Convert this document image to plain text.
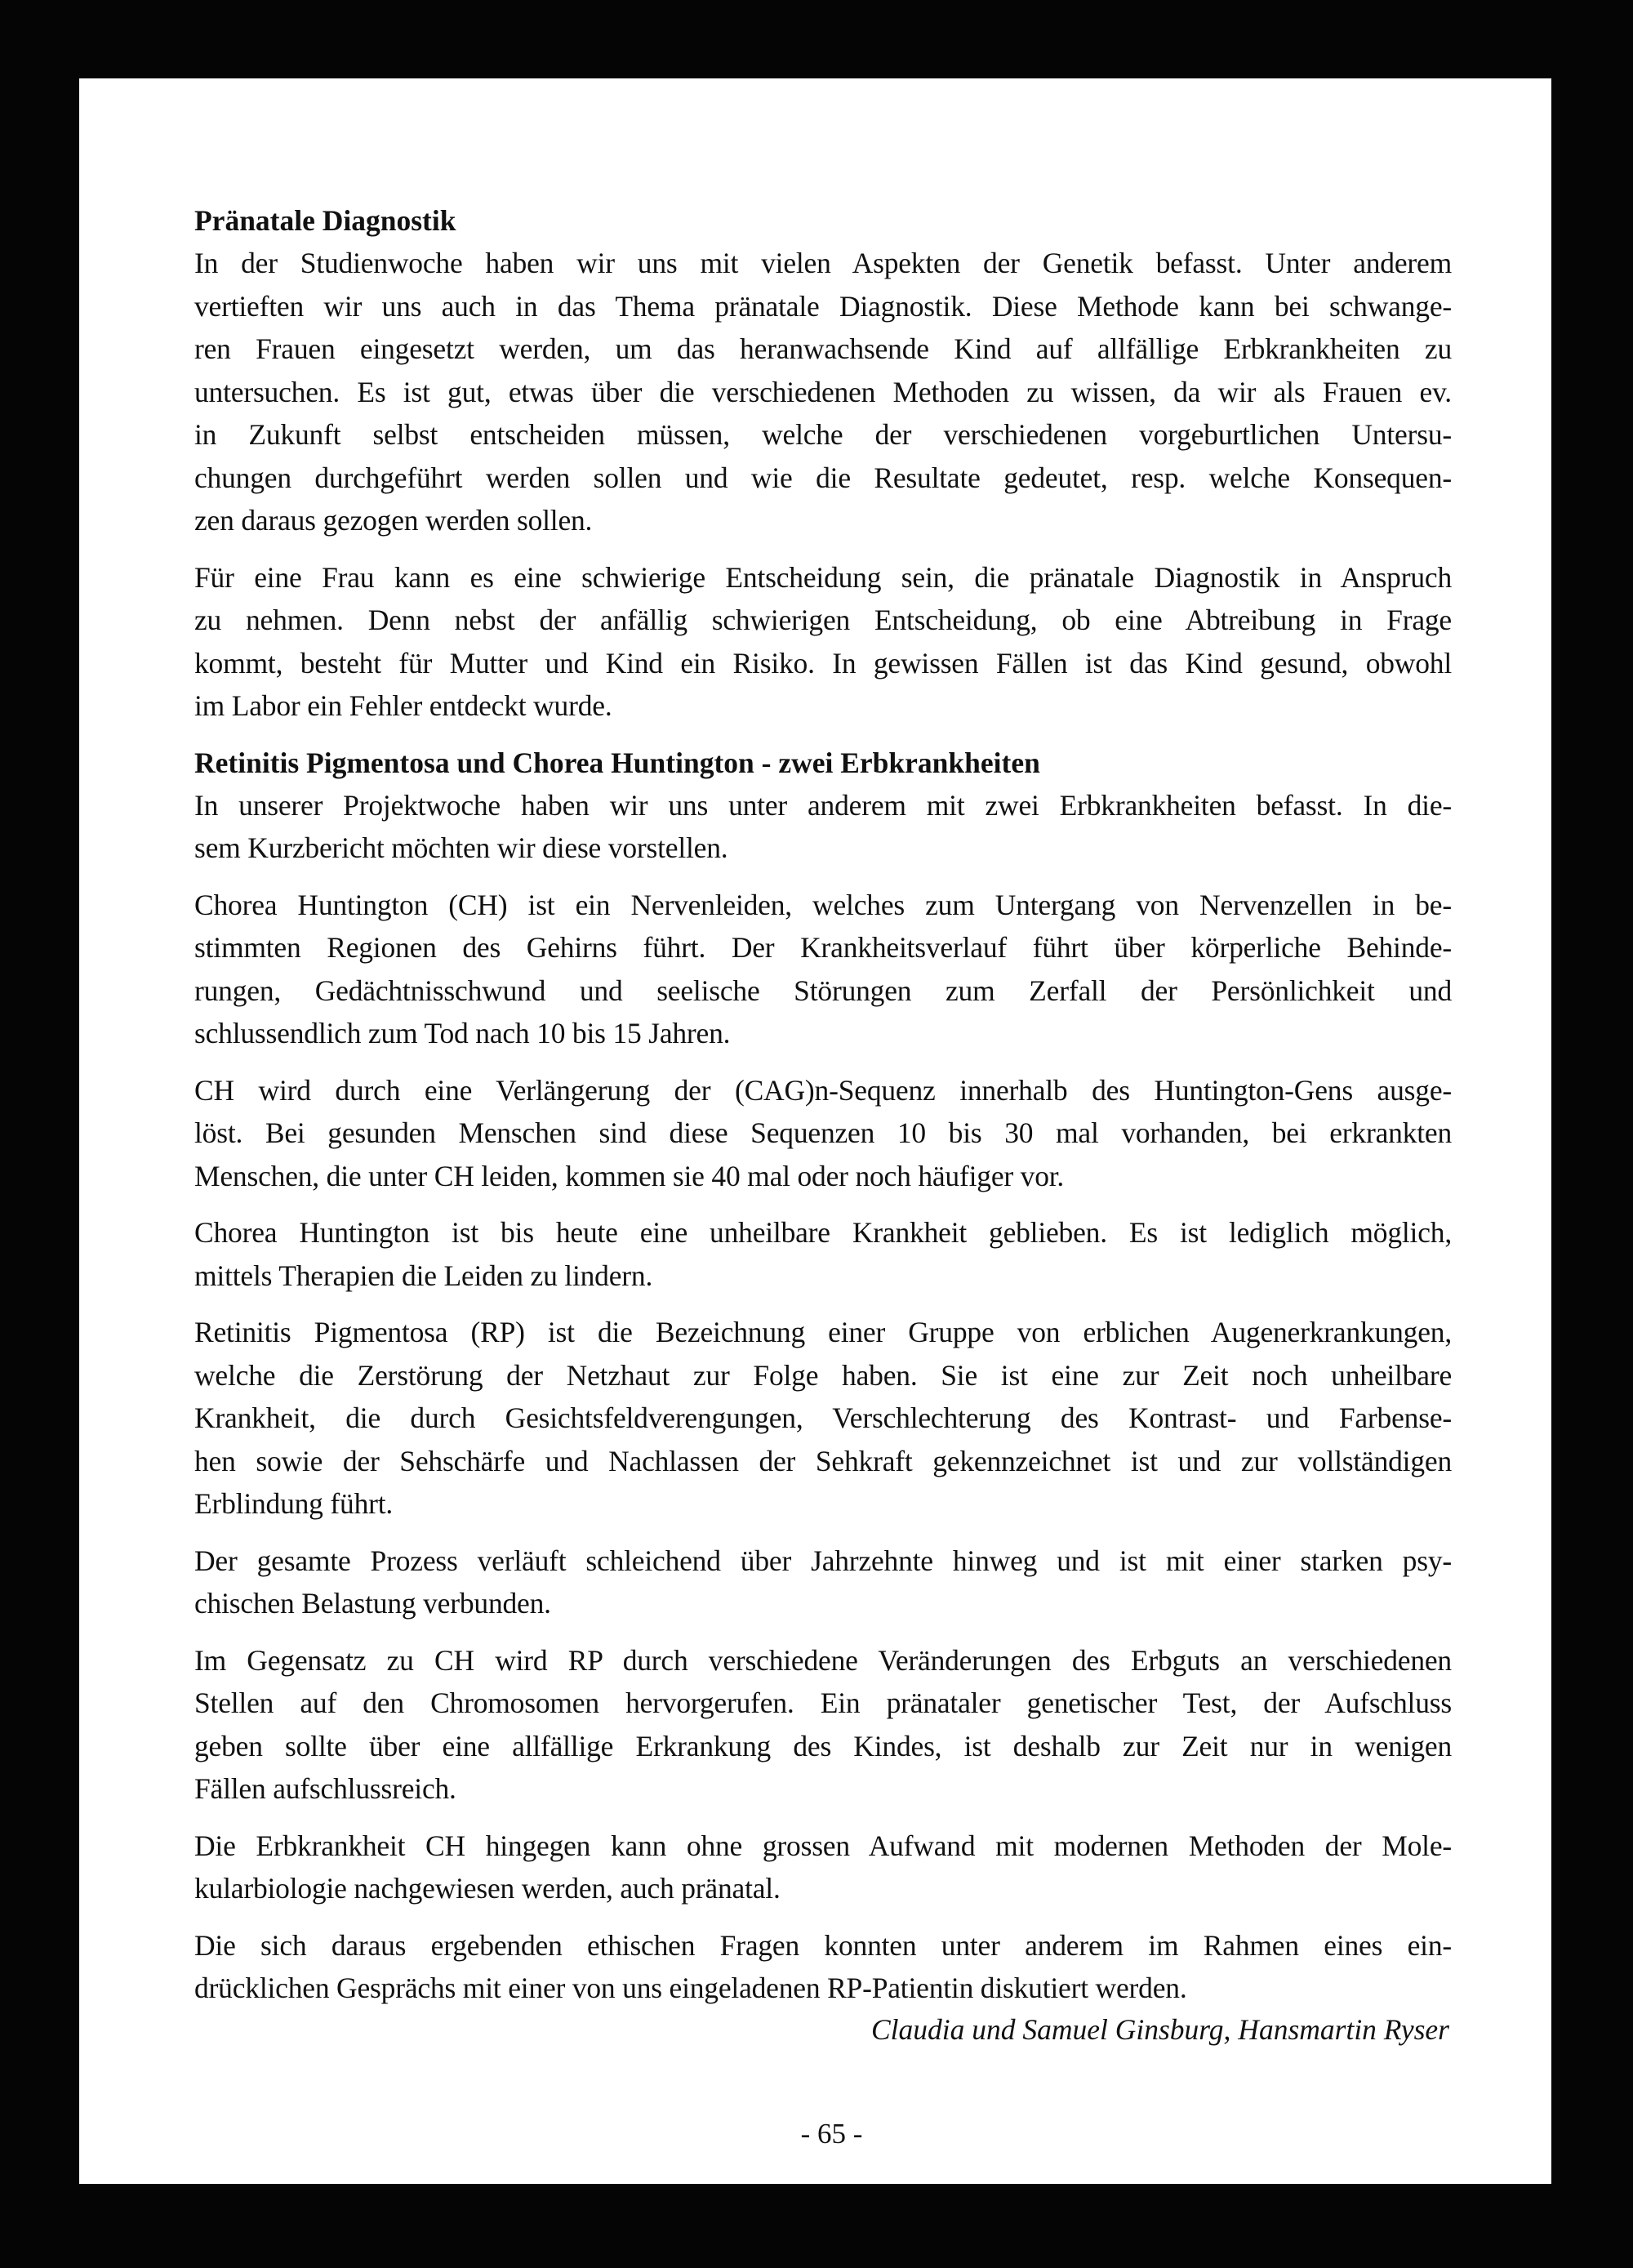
Pränatale Diagnostik
In der Studienwoche haben wir uns mit vielen Aspekten der Genetik befasst. Unter anderem
vertieften wir uns auch in das Thema pränatale Diagnostik. Diese Methode kann bei schwange-
ren Frauen eingesetzt werden, um das heranwachsende Kind auf allfällige Erbkrankheiten zu
untersuchen. Es ist gut, etwas über die verschiedenen Methoden zu wissen, da wir als Frauen ev.
in Zukunft selbst entscheiden müssen, welche der verschiedenen vorgeburtlichen Untersu-
chungen durchgeführt werden sollen und wie die Resultate gedeutet, resp. welche Konsequen-
zen daraus gezogen werden sollen.
Für eine Frau kann es eine schwierige Entscheidung sein, die pränatale Diagnostik in Anspruch
zu nehmen. Denn nebst der anfällig schwierigen Entscheidung, ob eine Abtreibung in Frage
kommt, besteht für Mutter und Kind ein Risiko. In gewissen Fällen ist das Kind gesund, obwohl
im Labor ein Fehler entdeckt wurde.
Retinitis Pigmentosa und Chorea Huntington - zwei Erbkrankheiten
In unserer Projektwoche haben wir uns unter anderem mit zwei Erbkrankheiten befasst. In die-
sem Kurzbericht möchten wir diese vorstellen.
Chorea Huntington (CH) ist ein Nervenleiden, welches zum Untergang von Nervenzellen in be-
stimmten Regionen des Gehirns führt. Der Krankheitsverlauf führt über körperliche Behinde-
rungen, Gedächtnisschwund und seelische Störungen zum Zerfall der Persönlichkeit und
schlussendlich zum Tod nach 10 bis 15 Jahren.
CH wird durch eine Verlängerung der (CAG)n-Sequenz innerhalb des Huntington-Gens ausge-
löst. Bei gesunden Menschen sind diese Sequenzen 10 bis 30 mal vorhanden, bei erkrankten
Menschen, die unter CH leiden, kommen sie 40 mal oder noch häufiger vor.
Chorea Huntington ist bis heute eine unheilbare Krankheit geblieben. Es ist lediglich möglich,
mittels Therapien die Leiden zu lindern.
Retinitis Pigmentosa (RP) ist die Bezeichnung einer Gruppe von erblichen Augenerkrankungen,
welche die Zerstörung der Netzhaut zur Folge haben. Sie ist eine zur Zeit noch unheilbare
Krankheit, die durch Gesichtsfeldverengungen, Verschlechterung des Kontrast- und Farbense-
hen sowie der Sehschärfe und Nachlassen der Sehkraft gekennzeichnet ist und zur vollständigen
Erblindung führt.
Der gesamte Prozess verläuft schleichend über Jahrzehnte hinweg und ist mit einer starken psy-
chischen Belastung verbunden.
Im Gegensatz zu CH wird RP durch verschiedene Veränderungen des Erbguts an verschiedenen
Stellen auf den Chromosomen hervorgerufen. Ein pränataler genetischer Test, der Aufschluss
geben sollte über eine allfällige Erkrankung des Kindes, ist deshalb zur Zeit nur in wenigen
Fällen aufschlussreich.
Die Erbkrankheit CH hingegen kann ohne grossen Aufwand mit modernen Methoden der Mole-
kularbiologie nachgewiesen werden, auch pränatal.
Die sich daraus ergebenden ethischen Fragen konnten unter anderem im Rahmen eines ein-
drücklichen Gesprächs mit einer von uns eingeladenen RP-Patientin diskutiert werden.
Claudia und Samuel Ginsburg, Hansmartin Ryser
- 65 -
